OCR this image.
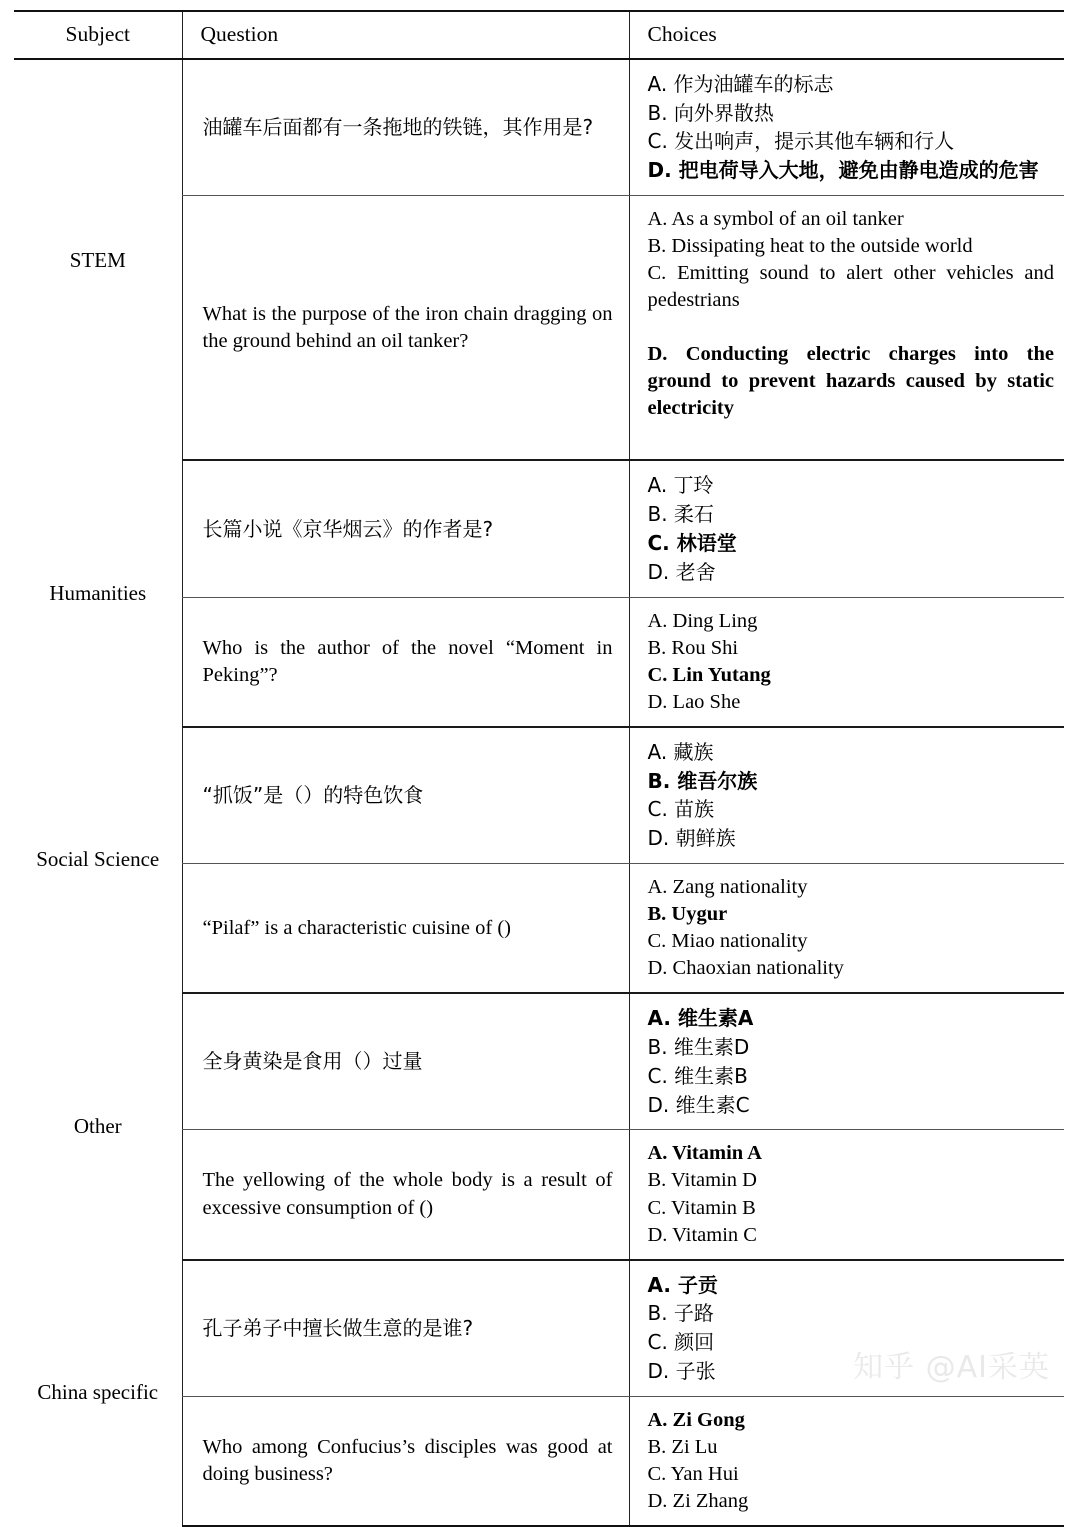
Subject	Question	Choices
STEM	油罐车后面都有一条拖地的铁链，其作用是?	A. 作为油罐车的标志
B. 向外界散热
C. 发出响声，提示其他车辆和行人
D. 把电荷导入大地，避免由静电造成的危害

	What is the purpose of the iron chain dragging on the ground behind an oil tanker?	A. As a symbol of an oil tanker
B. Dissipating heat to the outside world
C. Emitting sound to alert other vehicles and pedestrians
D. Conducting electric charges into the ground to prevent hazards caused by static electricity

Humanities	长篇小说《京华烟云》的作者是?	A. 丁玲
B. 柔石
C. 林语堂
D. 老舍

	Who is the author of the novel “Moment in Peking”?	A. Ding Ling
B. Rou Shi
C. Lin Yutang
D. Lao She

Social Science	“抓饭”是（）的特色饮食	A. 藏族
B. 维吾尔族
C. 苗族
D. 朝鲜族

	“Pilaf” is a characteristic cuisine of ()	A. Zang nationality
B. Uygur
C. Miao nationality
D. Chaoxian nationality

Other	全身黄染是食用（）过量	A. 维生素A
B. 维生素D
C. 维生素B
D. 维生素C

	The yellowing of the whole body is a result of excessive consumption of ()	A. Vitamin A
B. Vitamin D
C. Vitamin B
D. Vitamin C

China specific	孔子弟子中擅长做生意的是谁?	A. 子贡
B. 子路
C. 颜回
D. 子张

	Who among Confucius’s disciples was good at doing business?	A. Zi Gong
B. Zi Lu
C. Yan Hui
D. Zi Zhang
知乎 @AI采英
